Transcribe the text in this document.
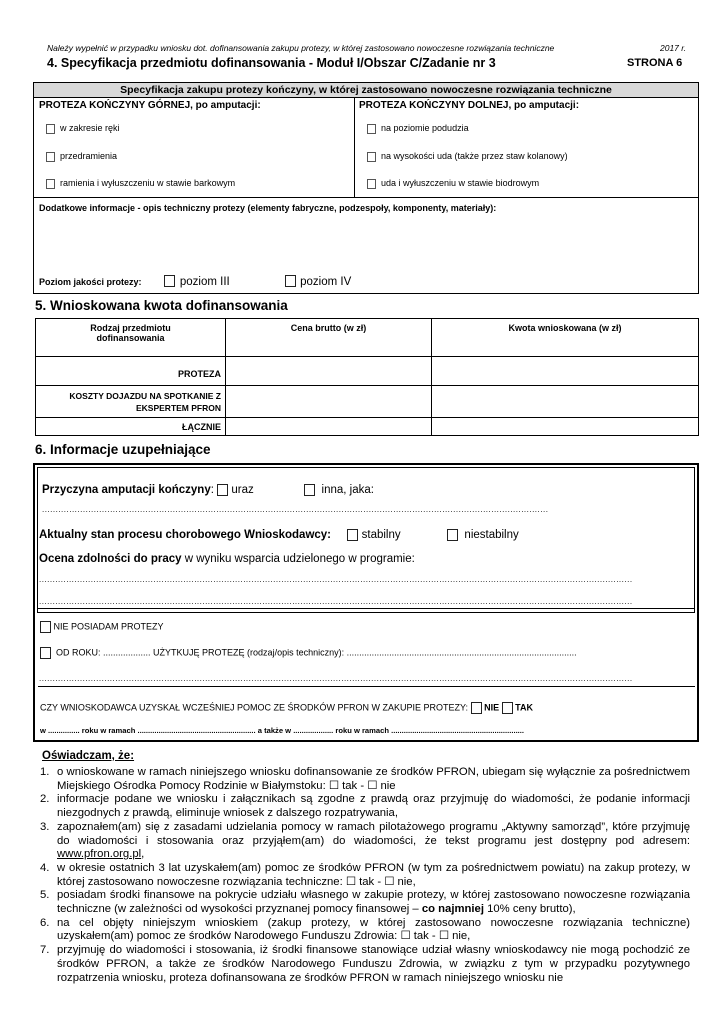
Należy wypełnić w przypadku wniosku dot. dofinansowania zakupu protezy, w której zastosowano nowoczesne rozwiązania techniczne	2017 r.
4. Specyfikacja przedmiotu dofinansowania - Moduł I/Obszar C/Zadanie nr 3	STRONA 6
Specyfikacja zakupu protezy kończyny, w której zastosowano nowoczesne rozwiązania techniczne
PROTEZA KOŃCZYNY GÓRNEJ, po amputacji:	PROTEZA KOŃCZYNY DOLNEJ, po amputacji:
w zakresie ręki
przedramienia
ramienia i wyłuszczeniu w stawie barkowym
na poziomie podudzia
na wysokości uda (także przez staw kolanowy)
uda i wyłuszczeniu w stawie biodrowym
Dodatkowe informacje - opis techniczny protezy (elementy fabryczne, podzespoły, komponenty, materiały):
Poziom jakości protezy:	poziom III	poziom IV
5. Wnioskowana kwota dofinansowania
Rodzaj przedmiotu dofinansowania	Cena brutto (w zł)	Kwota wnioskowana (w zł)
PROTEZA		

KOSZTY DOJAZDU NA SPOTKANIE Z EKSPERTEM PFRON		

ŁĄCZNIE		
6. Informacje uzupełniające
Przyczyna amputacji kończyny: uraz	inna, jaka:
..........................................................................................................................................................................................
Aktualny stan procesu chorobowego Wnioskodawcy:	stabilny	niestabilny
Ocena zdolności do pracy w wyniku wsparcia udzielonego w programie:
..........................................................................................................................................................................................................................
..........................................................................................................................................................................................................................
NIE POSIADAM PROTEZY
OD ROKU: ................... UŻYTKUJĘ PROTEZĘ (rodzaj/opis techniczny): ............................................................................................
..........................................................................................................................................................................................................................
CZY WNIOSKODAWCA UZYSKAŁ WCZEŚNIEJ POMOC ZE ŚRODKÓW PFRON W ZAKUPIE PROTEZY: NIE TAK
w ............... roku w ramach ........................................................ a także w ................... roku w ramach ...............................................................
Oświadczam, że:
1. o wnioskowane w ramach niniejszego wniosku dofinansowanie ze środków PFRON, ubiegam się wyłącznie za pośrednictwem Miejskiego Ośrodka Pomocy Rodzinie w Białymstoku: ☐ tak - ☐ nie
2. informacje podane we wniosku i załącznikach są zgodne z prawdą oraz przyjmuję do wiadomości, że podanie informacji niezgodnych z prawdą, eliminuje wniosek z dalszego rozpatrywania,
3. zapoznałem(am) się z zasadami udzielania pomocy w ramach pilotażowego programu „Aktywny samorząd”, które przyjmuję do wiadomości i stosowania oraz przyjąłem(am) do wiadomości, że tekst programu jest dostępny pod adresem: www.pfron.org.pl,
4. w okresie ostatnich 3 lat uzyskałem(am) pomoc ze środków PFRON (w tym za pośrednictwem powiatu) na zakup protezy, w której zastosowano nowoczesne rozwiązania techniczne: ☐ tak - ☐ nie,
5. posiadam środki finansowe na pokrycie udziału własnego w zakupie protezy, w której zastosowano nowoczesne rozwiązania techniczne (w zależności od wysokości przyznanej pomocy finansowej – co najmniej 10% ceny brutto),
6. na cel objęty niniejszym wnioskiem (zakup protezy, w której zastosowano nowoczesne rozwiązania techniczne) uzyskałem(am) pomoc ze środków Narodowego Funduszu Zdrowia: ☐ tak - ☐ nie,
7. przyjmuję do wiadomości i stosowania, iż środki finansowe stanowiące udział własny wnioskodawcy nie mogą pochodzić ze środków PFRON, a także ze środków Narodowego Funduszu Zdrowia, w związku z tym w przypadku pozytywnego rozpatrzenia wniosku, proteza dofinansowana ze środków PFRON w ramach niniejszego wniosku nie
